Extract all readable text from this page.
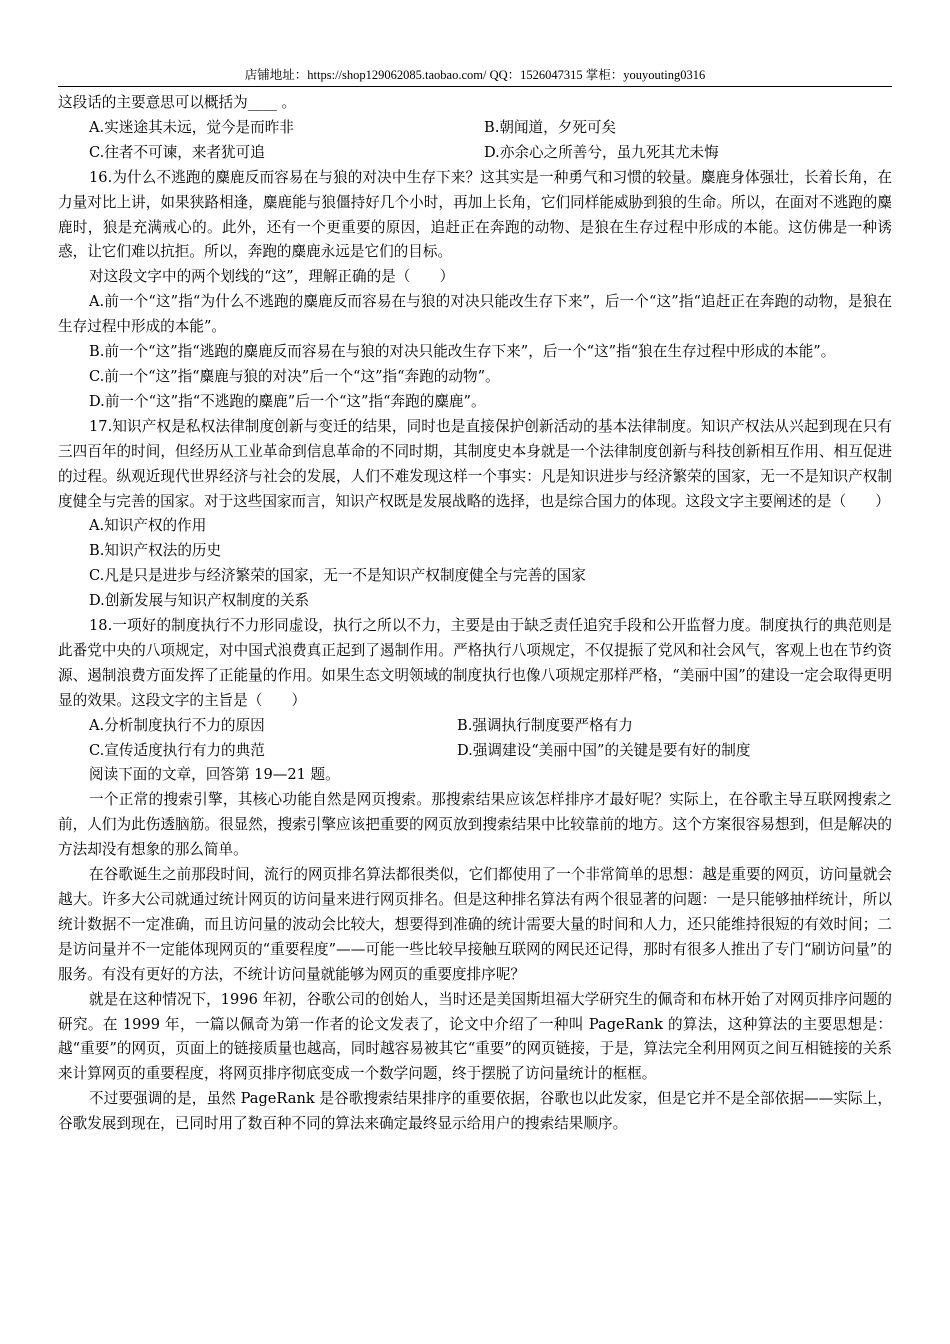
店铺地址：https://shop129062085.taobao.com/ QQ：1526047315 掌柜：youyouting0316

这段话的主要意思可以概括为____ 。

A.实迷途其未远，觉今是而昨非	B.朝闻道，夕死可矣
C.往者不可谏，来者犹可追	D.亦余心之所善兮，虽九死其尤未悔

16.为什么不逃跑的麋鹿反而容易在与狼的对决中生存下来？这其实是一种勇气和习惯的较量。麋鹿身体强壮，长着长角，在力量对比上讲，如果狭路相逢，麋鹿能与狼僵持好几个小时，再加上长角，它们同样能威胁到狼的生命。所以，在面对不逃跑的麋鹿时，狼是充满戒心的。此外，还有一个更重要的原因，追赶正在奔跑的动物、是狼在生存过程中形成的本能。这仿佛是一种诱惑，让它们难以抗拒。所以，奔跑的麋鹿永远是它们的目标。

对这段文字中的两个划线的“这”，理解正确的是（　　）

A.前一个“这”指“为什么不逃跑的麋鹿反而容易在与狼的对决只能改生存下来”，后一个“这”指“追赶正在奔跑的动物，是狼在生存过程中形成的本能”。

B.前一个“这”指“逃跑的麋鹿反而容易在与狼的对决只能改生存下来”，后一个“这”指“狼在生存过程中形成的本能”。

C.前一个“这”指“麋鹿与狼的对决”后一个“这”指“奔跑的动物”。

D.前一个“这”指“不逃跑的麋鹿”后一个“这”指“奔跑的麋鹿”。

17.知识产权是私权法律制度创新与变迁的结果，同时也是直接保护创新活动的基本法律制度。知识产权法从兴起到现在只有三四百年的时间，但经历从工业革命到信息革命的不同时期，其制度史本身就是一个法律制度创新与科技创新相互作用、相互促进的过程。纵观近现代世界经济与社会的发展，人们不难发现这样一个事实：凡是知识进步与经济繁荣的国家，无一不是知识产权制度健全与完善的国家。对于这些国家而言，知识产权既是发展战略的选择，也是综合国力的体现。这段文字主要阐述的是（　　）

A.知识产权的作用

B.知识产权法的历史

C.凡是只是进步与经济繁荣的国家，无一不是知识产权制度健全与完善的国家

D.创新发展与知识产权制度的关系

18.一项好的制度执行不力形同虚设，执行之所以不力，主要是由于缺乏责任追究手段和公开监督力度。制度执行的典范则是此番党中央的八项规定，对中国式浪费真正起到了遏制作用。严格执行八项规定，不仅提振了党风和社会风气，客观上也在节约资源、遏制浪费方面发挥了正能量的作用。如果生态文明领域的制度执行也像八项规定那样严格，“美丽中国”的建设一定会取得更明显的效果。这段文字的主旨是（　　）

A.分析制度执行不力的原因	B.强调执行制度要严格有力
C.宣传适度执行有力的典范	D.强调建设“美丽中国”的关键是要有好的制度

阅读下面的文章，回答第 19—21 题。

一个正常的搜索引擎，其核心功能自然是网页搜索。那搜索结果应该怎样排序才最好呢？实际上，在谷歌主导互联网搜索之前，人们为此伤透脑筋。很显然，搜索引擎应该把重要的网页放到搜索结果中比较靠前的地方。这个方案很容易想到，但是解决的方法却没有想象的那么简单。

在谷歌诞生之前那段时间，流行的网页排名算法都很类似，它们都使用了一个非常简单的思想：越是重要的网页，访问量就会越大。许多大公司就通过统计网页的访问量来进行网页排名。但是这种排名算法有两个很显著的问题：一是只能够抽样统计，所以统计数据不一定准确，而且访问量的波动会比较大，想要得到准确的统计需要大量的时间和人力，还只能维持很短的有效时间；二是访问量并不一定能体现网页的“重要程度”——可能一些比较早接触互联网的网民还记得，那时有很多人推出了专门“刷访问量”的服务。有没有更好的方法，不统计访问量就能够为网页的重要度排序呢？

就是在这种情况下，1996 年初，谷歌公司的创始人，当时还是美国斯坦福大学研究生的佩奇和布林开始了对网页排序问题的研究。在 1999 年，一篇以佩奇为第一作者的论文发表了，论文中介绍了一种叫 PageRank 的算法，这种算法的主要思想是：越“重要”的网页，页面上的链接质量也越高，同时越容易被其它“重要”的网页链接，于是，算法完全利用网页之间互相链接的关系来计算网页的重要程度，将网页排序彻底变成一个数学问题，终于摆脱了访问量统计的框框。

不过要强调的是，虽然 PageRank 是谷歌搜索结果排序的重要依据，谷歌也以此发家，但是它并不是全部依据——实际上，谷歌发展到现在，已同时用了数百种不同的算法来确定最终显示给用户的搜索结果顺序。
